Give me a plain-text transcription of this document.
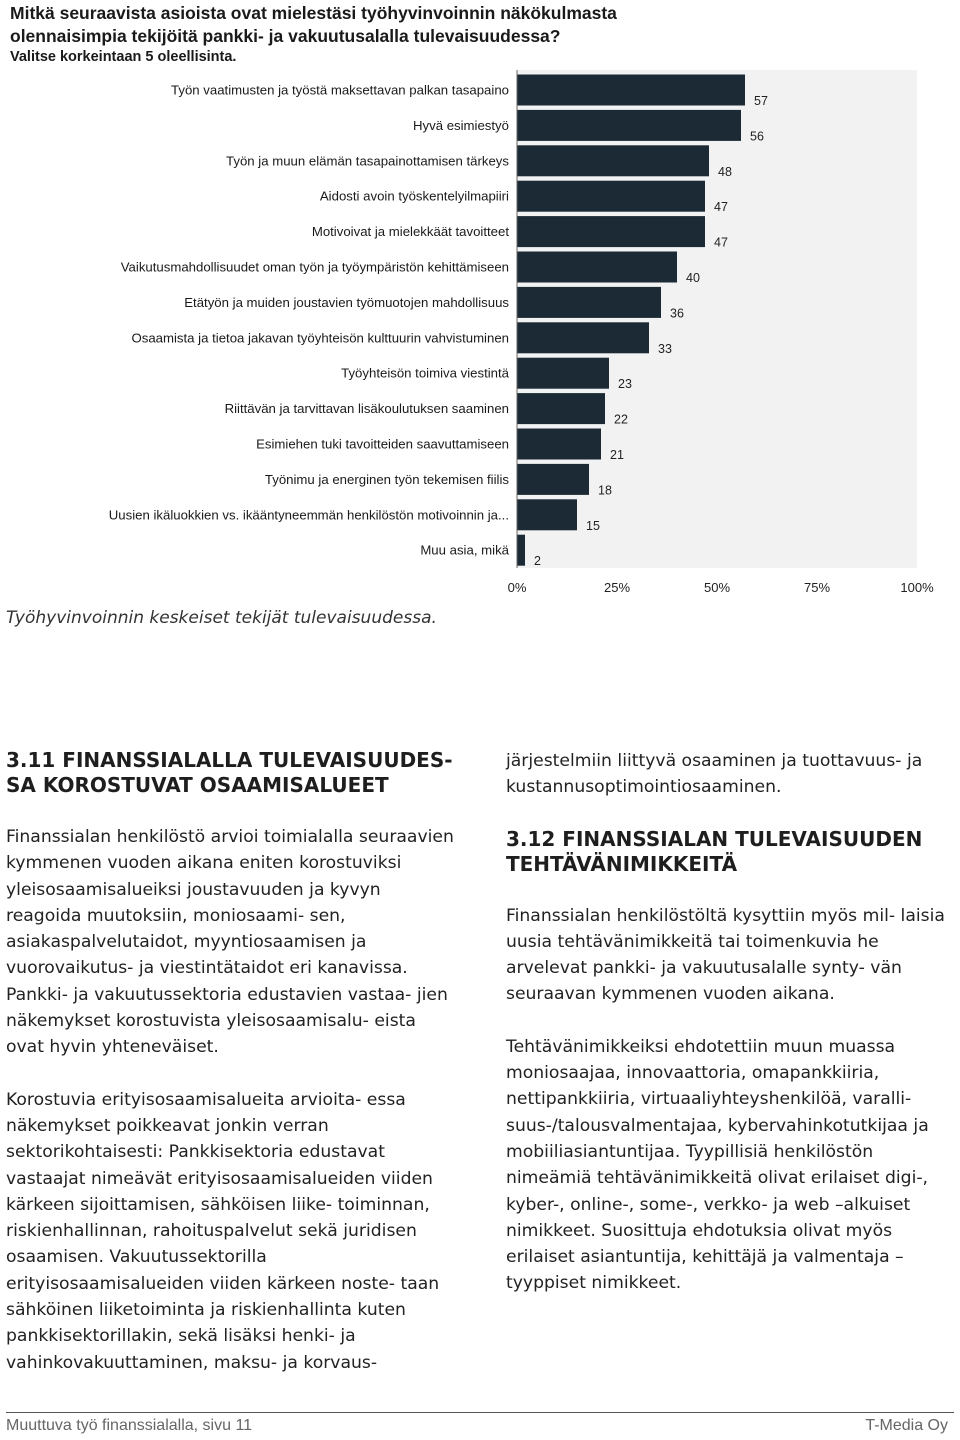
Mitkä seuraavista asioista ovat mielestäsi työhyvinvoinnin näkökulmasta
olennaisimpia tekijöitä pankki- ja vakuutusalalla tulevaisuudessa?
Valitse korkeintaan 5 oleellisinta.
Työn vaatimusten ja työstä maksettavan palkan tasapaino
57
Hyvä esimiestyö
56
Työn ja muun elämän tasapainottamisen tärkeys
48
Aidosti avoin työskentelyilmapiiri
47
Motivoivat ja mielekkäät tavoitteet
47
Vaikutusmahdollisuudet oman työn ja työympäristön kehittämiseen
40
Etätyön ja muiden joustavien työmuotojen mahdollisuus
36
Osaamista ja tietoa jakavan työyhteisön kulttuurin vahvistuminen
33
Työyhteisön toimiva viestintä
23
Riittävän ja tarvittavan lisäkoulutuksen saaminen
22
Esimiehen tuki tavoitteiden saavuttamiseen
21
Työnimu ja energinen työn tekemisen fiilis
18
Uusien ikäluokkien vs. ikääntyneemmän henkilöstön motivoinnin ja...
15
Muu asia, mikä
2
0%	25%	50%	75%	100%
Työhyvinvoinnin keskeiset tekijät tulevaisuudessa.
3.11 FINANSSIALALLA TULEVAISUUDES- SA KOROSTUVAT OSAAMISALUEET

Finanssialan henkilöstö arvioi toimialalla seuraavien kymmenen vuoden aikana eniten korostuviksi yleisosaamisalueiksi joustavuuden ja kyvyn reagoida muutoksiin, moniosaami- sen, asiakaspalvelutaidot, myyntiosaamisen ja vuorovaikutus- ja viestintätaidot eri kanavissa. Pankki- ja vakuutussektoria edustavien vastaa- jien näkemykset korostuvista yleisosaamisalu- eista ovat hyvin yhteneväiset.

Korostuvia erityisosaamisalueita arvioita- essa näkemykset poikkeavat jonkin verran sektorikohtaisesti: Pankkisektoria edustavat vastaajat nimeävät erityisosaamisalueiden viiden kärkeen sijoittamisen, sähköisen liike- toiminnan, riskienhallinnan, rahoituspalvelut sekä juridisen osaamisen. Vakuutussektorilla erityisosaamisalueiden viiden kärkeen noste- taan sähköinen liiketoiminta ja riskienhallinta kuten pankkisektorillakin, sekä lisäksi henki- ja vahinkovakuuttaminen, maksu- ja korvaus-

järjestelmiin liittyvä osaaminen ja tuottavuus- ja kustannusoptimointiosaaminen.

3.12 FINANSSIALAN TULEVAISUUDEN TEHTÄVÄNIMIKKEITÄ

Finanssialan henkilöstöltä kysyttiin myös mil- laisia uusia tehtävänimikkeitä tai toimenkuvia he arvelevat pankki- ja vakuutusalalle synty- vän seuraavan kymmenen vuoden aikana.

Tehtävänimikkeiksi ehdotettiin muun muassa moniosaajaa, innovaattoria, omapankkiiria, nettipankkiiria, virtuaaliyhteyshenkilöä, varalli- suus-/talousvalmentajaa, kybervahinkotutkijaa ja mobiiliasiantuntijaa. Tyypillisiä henkilöstön nimeämiä tehtävänimikkeitä olivat erilaiset digi-, kyber-, online-, some-, verkko- ja web –alkuiset nimikkeet. Suosittuja ehdotuksia olivat myös erilaiset asiantuntija, kehittäjä ja valmentaja –tyyppiset nimikkeet.

Muuttuva työ finanssialalla, sivu 11	T-Media Oy
